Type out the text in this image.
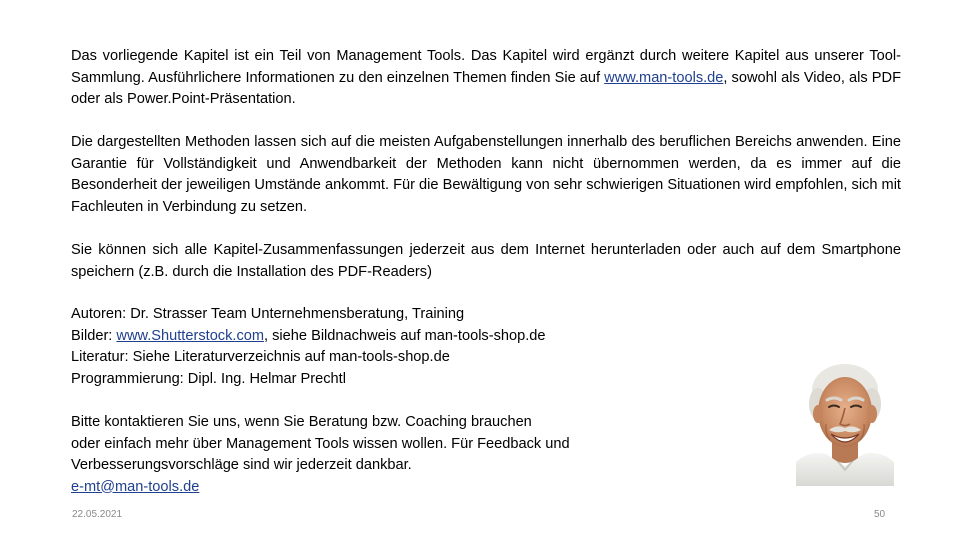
Das vorliegende Kapitel ist ein Teil von Management Tools. Das Kapitel wird ergänzt durch weitere Kapitel aus unserer Tool-Sammlung. Ausführlichere Informationen zu den einzelnen Themen finden Sie auf www.man-tools.de, sowohl als Video, als PDF oder als Power.Point-Präsentation.

Die dargestellten Methoden lassen sich auf die meisten Aufgabenstellungen innerhalb des beruflichen Bereichs anwenden. Eine Garantie für Vollständigkeit und Anwendbarkeit der Methoden kann nicht übernommen werden, da es immer auf die Besonderheit der jeweiligen Umstände ankommt. Für die Bewältigung von sehr schwierigen Situationen wird empfohlen, sich mit Fachleuten in Verbindung zu setzen.

Sie können sich alle Kapitel-Zusammenfassungen jederzeit aus dem Internet herunterladen oder auch auf dem Smartphone speichern (z.B. durch die Installation des PDF-Readers)

Autoren: Dr. Strasser Team Unternehmensberatung, Training
Bilder: www.Shutterstock.com, siehe Bildnachweis auf man-tools-shop.de
Literatur: Siehe Literaturverzeichnis auf man-tools-shop.de
Programmierung: Dipl. Ing. Helmar Prechtl
Bitte kontaktieren Sie uns, wenn Sie Beratung bzw. Coaching brauchen
oder einfach mehr über Management Tools wissen wollen. Für Feedback und
Verbesserungsvorschläge sind wir jederzeit dankbar.
e-mt@man-tools.de
22.05.2021	50
